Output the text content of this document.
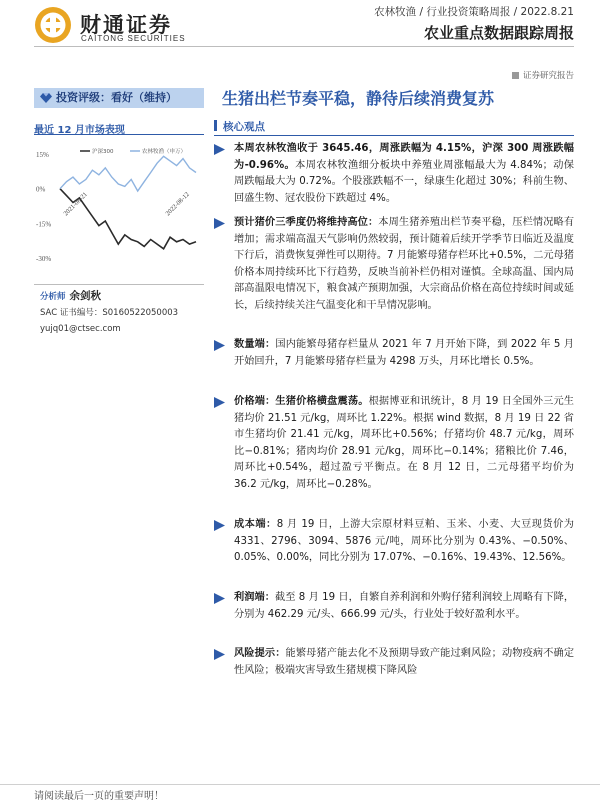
财通证券
CAITONG SECURITIES
农林牧渔 / 行业投资策略周报 / 2022.8.21
农业重点数据跟踪周报
证券研究报告
投资评级：看好（维持）	生猪出栏节奏平稳，静待后续消费复苏
最近 12 月市场表现
15%
0%
-15%
-30%
沪深300	农林牧渔（申万）
2021-08-21	2022-08-12
分析师 余剑秋
SAC 证书编号：S0160522050003
yujq01@ctsec.com
核心观点
本周农林牧渔收于 3645.46，周涨跌幅为 4.15%，沪深 300 周涨跌幅为-0.96%。本周农林牧渔细分板块中养殖业周涨幅最大为 4.84%；动保周跌幅最大为 0.72%。个股涨跌幅不一，绿康生化超过 30%；科前生物、回盛生物、冠农股份下跌超过 4%。
预计猪价三季度仍将维持高位：本周生猪养殖出栏节奏平稳，压栏情况略有增加；需求端高温天气影响仍然较弱，预计随着后续开学季节日临近及温度下行后，消费恢复弹性可以期待。7 月能繁母猪存栏环比+0.5%，二元母猪价格本周持续环比下行趋势，反映当前补栏仍相对谨慎。全球高温、国内局部高温限电情况下，粮食减产预期加强，大宗商品价格在高位持续时间或延长，后续持续关注气温变化和干旱情况影响。
数量端：国内能繁母猪存栏量从 2021 年 7 月开始下降，到 2022 年 5 月开始回升，7 月能繁母猪存栏量为 4298 万头，月环比增长 0.5%。
价格端：生猪价格横盘震荡。根据博亚和讯统计，8 月 19 日全国外三元生猪均价 21.51 元/kg，周环比 1.22%。根据 wind 数据，8 月 19 日 22 省市生猪均价 21.41 元/kg，周环比+0.56%；仔猪均价 48.7 元/kg，周环比−0.81%；猪肉均价 28.91 元/kg，周环比−0.14%；猪粮比价 7.46，周环比+0.54%，超过盈亏平衡点。在 8 月 12 日，二元母猪平均价为 36.2 元/kg，周环比−0.28%。
成本端：8 月 19 日，上游大宗原材料豆粕、玉米、小麦、大豆现货价为 4331、2796、3094、5876 元/吨，周环比分别为 0.43%、−0.50%、0.05%、0.00%，同比分别为 17.07%、−0.16%、19.43%、12.56%。
利润端：截至 8 月 19 日，自繁自养利润和外购仔猪利润较上周略有下降，分别为 462.29 元/头、666.99 元/头，行业处于较好盈利水平。
风险提示：能繁母猪产能去化不及预期导致产能过剩风险；动物疫病不确定性风险；极端灾害导致生猪规模下降风险
请阅读最后一页的重要声明！
